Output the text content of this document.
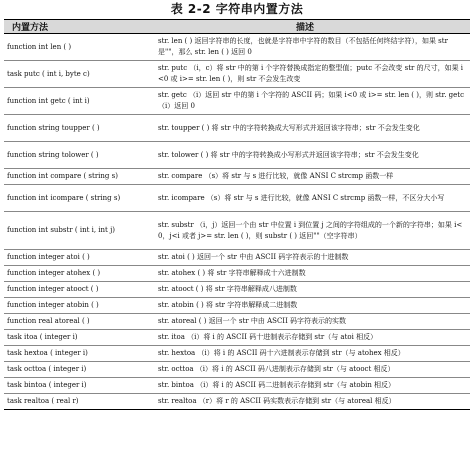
表 2-2 字符串内置方法
内置方法	描述
function int len ( )	str. len ( ) 返回字符串的长度，也就是字符串中字符的数目（不包括任何终结字符），如果 str 是""，那么 str. len ( ) 返回 0
task putc ( int i, byte c)	str. putc （i，c）将 str 中的第 i 个字符替换成指定的整型值；putc 不会改变 str 的尺寸，如果 i<0 或 i>= str. len ( )，则 str 不会发生改变
function int getc ( int i)	str. getc （i）返回 str 中的第 i 个字符的 ASCII 码；如果 i<0 或 i>= str. len ( )，则 str. getc （i）返回 0
function string toupper ( )	str. toupper ( ) 将 str 中的字符转换成大写形式并返回该字符串；str 不会发生变化
function string tolower ( )	str. tolower ( ) 将 str 中的字符转换成小写形式并返回该字符串；str 不会发生变化
function int compare ( string s)	str. compare （s）将 str 与 s 进行比较，就像 ANSI C strcmp 函数一样
function int icompare ( string s)	str. icompare （s）将 str 与 s 进行比较，就像 ANSI C strcmp 函数一样，不区分大小写
function int substr ( int i, int j)	str. substr （i，j）返回一个由 str 中位置 i 到位置 j 之间的字符组成的一个新的字符串；如果 i<0，j<i 或者 j>= str. len ( )，则 substr ( ) 返回""（空字符串）
function integer atoi ( )	str. atoi ( ) 返回一个 str 中由 ASCII 码字符表示的十进制数
function integer atohex ( )	str. atohex ( ) 将 str 字符串解释成十六进制数
function integer atooct ( )	str. atooct ( ) 将 str 字符串解释成八进制数
function integer atobin ( )	str. atobin ( ) 将 str 字符串解释成二进制数
function real atoreal ( )	str. atoreal ( ) 返回一个 str 中由 ASCII 码字符表示的实数
task itoa ( integer i)	str. itoa （i）将 i 的 ASCII 码十进制表示存储到 str（与 atoi 相反）
task hextoa ( integer i)	str. hextoa （i）将 i 的 ASCII 码十六进制表示存储到 str（与 atohex 相反）
task octtoa ( integer i)	str. octtoa （i）将 i 的 ASCII 码八进制表示存储到 str（与 atooct 相反）
task bintoa ( integer i)	str. bintoa （i）将 i 的 ASCII 码二进制表示存储到 str（与 atobin 相反）
task realtoa ( real r)	str. realtoa （r）将 r 的 ASCII 码实数表示存储到 str（与 atoreal 相反）
